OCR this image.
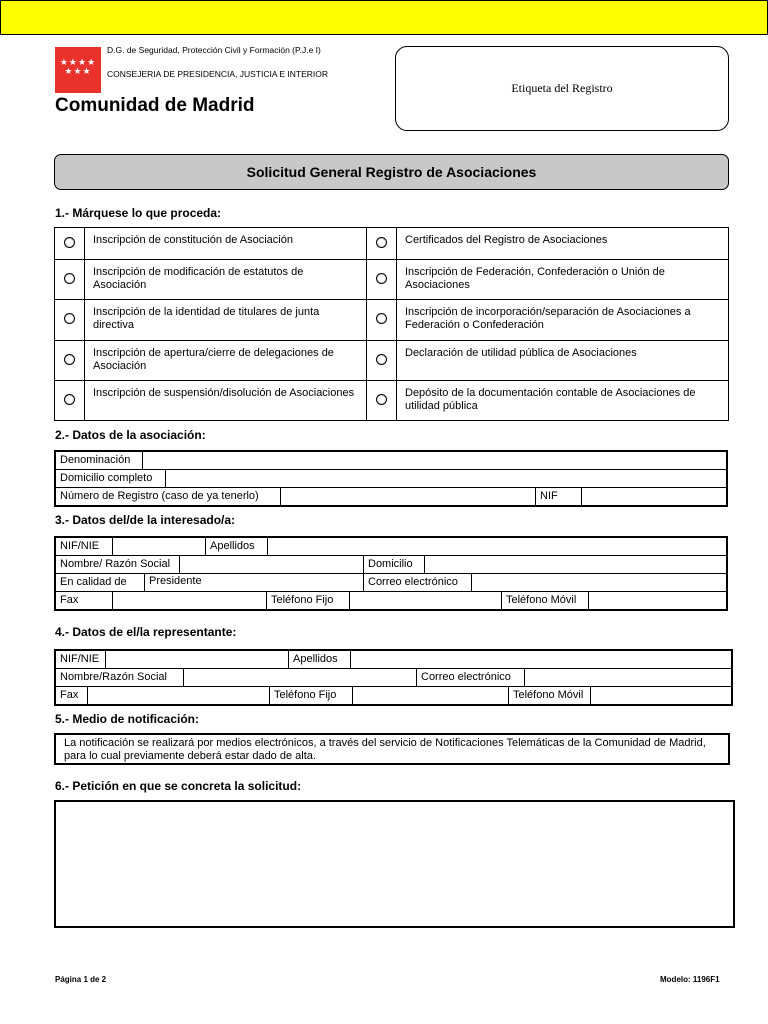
★★★★ ★★★
D.G. de Seguridad, Protección Civil y Formación (P.J.e I)
CONSEJERIA DE PRESIDENCIA, JUSTICIA E INTERIOR
Comunidad de Madrid
Etiqueta del Registro
Solicitud General Registro de Asociaciones
1.- Márquese lo que proceda:
	Inscripción de constitución de Asociación		Certificados del Registro de Asociaciones
	Inscripción de modificación de estatutos de Asociación		Inscripción de Federación, Confederación o Unión de Asociaciones
	Inscripción de la identidad de titulares de junta directiva		Inscripción de incorporación/separación de Asociaciones a Federación o Confederación
	Inscripción de apertura/cierre de delegaciones de Asociación		Declaración de utilidad pública de Asociaciones
	Inscripción de suspensión/disolución de Asociaciones		Depósito de la documentación contable de Asociaciones de utilidad pública
2.- Datos de la asociación:
Denominación
Domicilio completo
Número de Registro (caso de ya tenerlo)	NIF
3.- Datos del/de la interesado/a:
NIF/NIE	Apellidos
Nombre/ Razón Social	Domicilio
En calidad de	Presidente	Correo electrónico
Fax	Teléfono Fijo	Teléfono Móvil
4.- Datos de el/la representante:
NIF/NIE	Apellidos
Nombre/Razón Social	Correo electrónico
Fax	Teléfono Fijo	Teléfono Móvil
5.- Medio de notificación:
La notificación se realizará por medios electrónicos, a través del servicio de Notificaciones Telemáticas de la Comunidad de Madrid, para lo cual previamente deberá estar dado de alta.
6.- Petición en que se concreta la solicitud:
Página 1 de 2	Modelo: 1196F1
